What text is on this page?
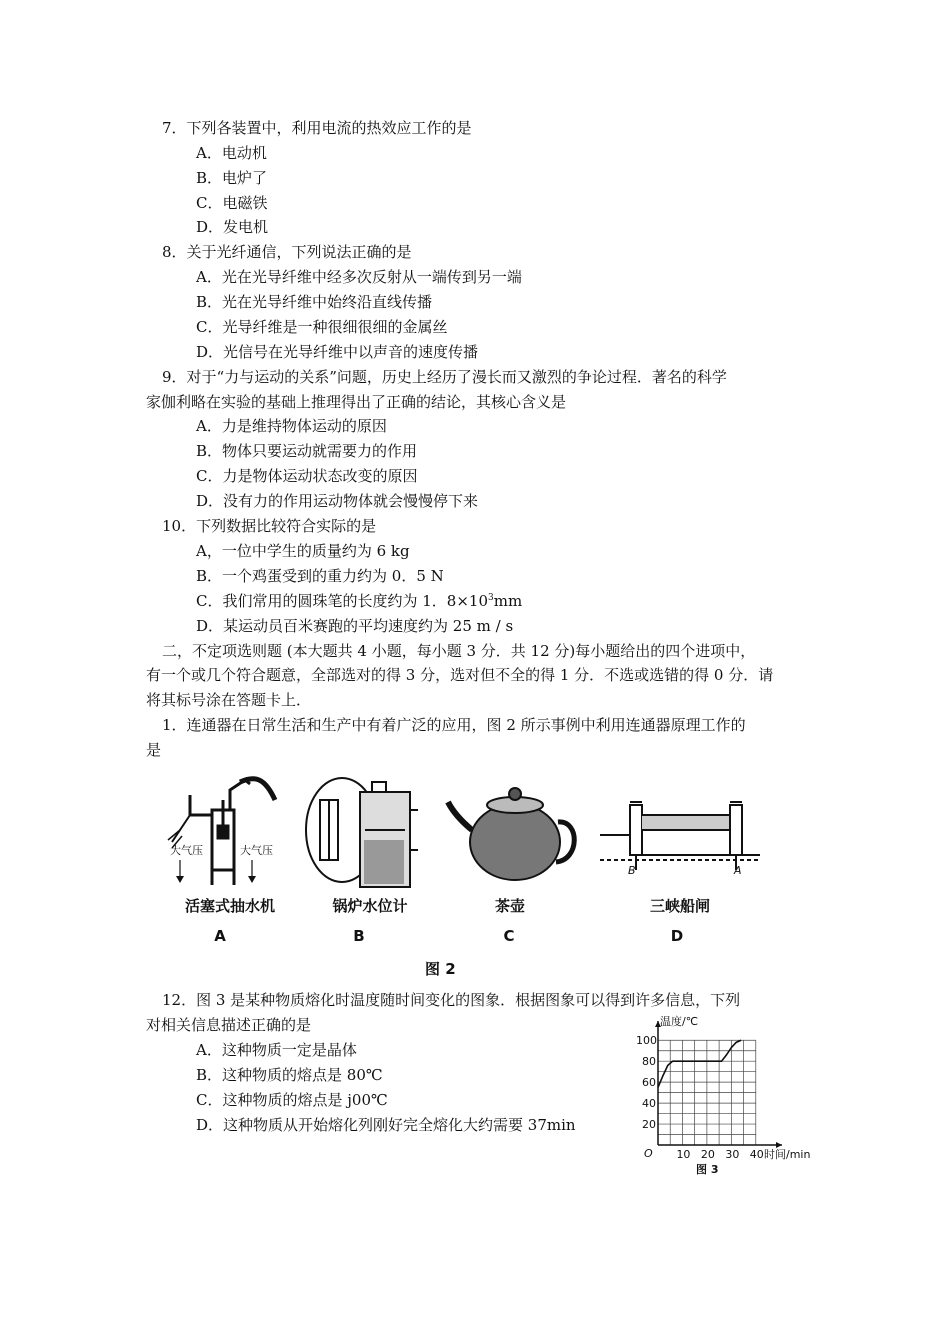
7．下列各装置中，利用电流的热效应工作的是
A．电动机
B．电炉了
C．电磁铁
D．发电机
8．关于光纤通信，下列说法正确的是
A．光在光导纤维中经多次反射从一端传到另一端
B．光在光导纤维中始终沿直线传播
C．光导纤维是一种很细很细的金属丝
D．光信号在光导纤维中以声音的速度传播
9．对于“力与运动的关系”问题，历史上经历了漫长而又激烈的争论过程．著名的科学
家伽利略在实验的基础上推理得出了正确的结论，其核心含义是
A．力是维持物体运动的原因
B．物体只要运动就需要力的作用
C．力是物体运动状态改变的原因
D．没有力的作用运动物体就会慢慢停下来
10．下列数据比较符合实际的是
A，一位中学生的质量约为 6 kg
B．一个鸡蛋受到的重力约为 0．5 N
C．我们常用的圆珠笔的长度约为 1．$8\times 10^3mm$
D．某运动员百米赛跑的平均速度约为 25 m / s
二，不定项选则题 (本大题共 4 小题，每小题 3 分．共 12 分)每小题给出的四个进项中，
有一个或几个符合题意，全部选对的得 3 分，选对但不全的得 1 分．不选或选错的得 0 分．请
将其标号涂在答题卡上．
1．连通器在日常生活和生产中有着广泛的应用，图 2 所示事例中利用连通器原理工作的
是
大气压	大气压
B	A
活塞式抽水机	锅炉水位计	茶壶	三峡船闸
A	B	C	D
图 2
12．图 3 是某种物质熔化时温度随时间变化的图象．根据图象可以得到许多信息，下列
对相关信息描述正确的是
A．这种物质一定是晶体
B．这种物质的熔点是 80℃
C．这种物质的熔点是 j00℃
D．这种物质从开始熔化列刚好完全熔化大约需要 37min
温度/℃
时间/min
O 10 20 30 40
20
40
60
80
100
图 3
